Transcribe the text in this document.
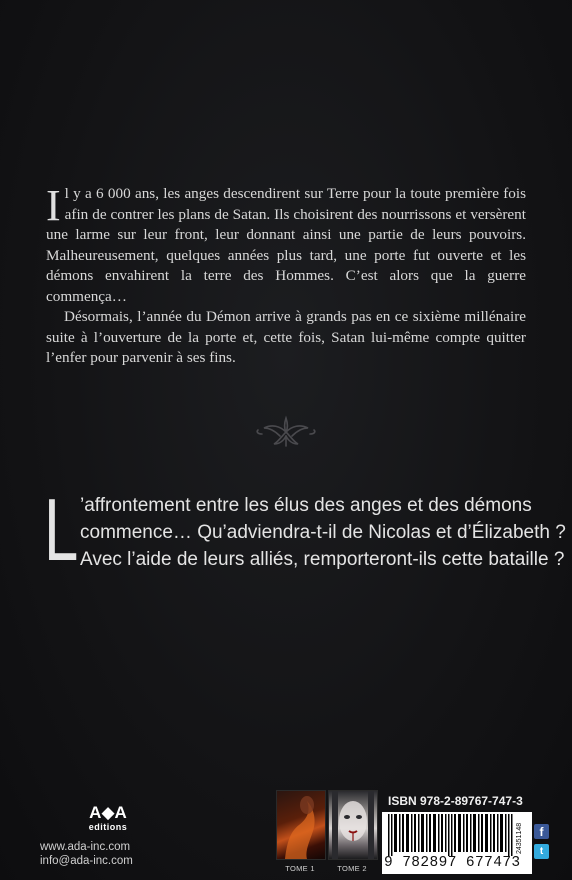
Il y a 6 000 ans, les anges descendirent sur Terre pour la toute première fois afin de contrer les plans de Satan. Ils choisirent des nourrissons et versèrent une larme sur leur front, leur donnant ainsi une partie de leurs pouvoirs. Malheureusement, quelques années plus tard, une porte fut ouverte et les démons envahirent la terre des Hommes. C’est alors que la guerre commença…

Désormais, l’année du Démon arrive à grands pas en ce sixième millénaire suite à l’ouverture de la porte et, cette fois, Satan lui-même compte quitter l’enfer pour parvenir à ses fins.

L ’affrontement entre les élus des anges et des démons
commence… Qu’adviendra-t-il de Nicolas et d’Élizabeth ?
Avec l’aide de leurs alliés, remporteront-ils cette bataille ?
A◆A
editions
www.ada-inc.com
info@ada-inc.com
TOME 1	TOME 2
ISBN 978-2-89767-747-3
9 782897 677473
24351148	f
t
